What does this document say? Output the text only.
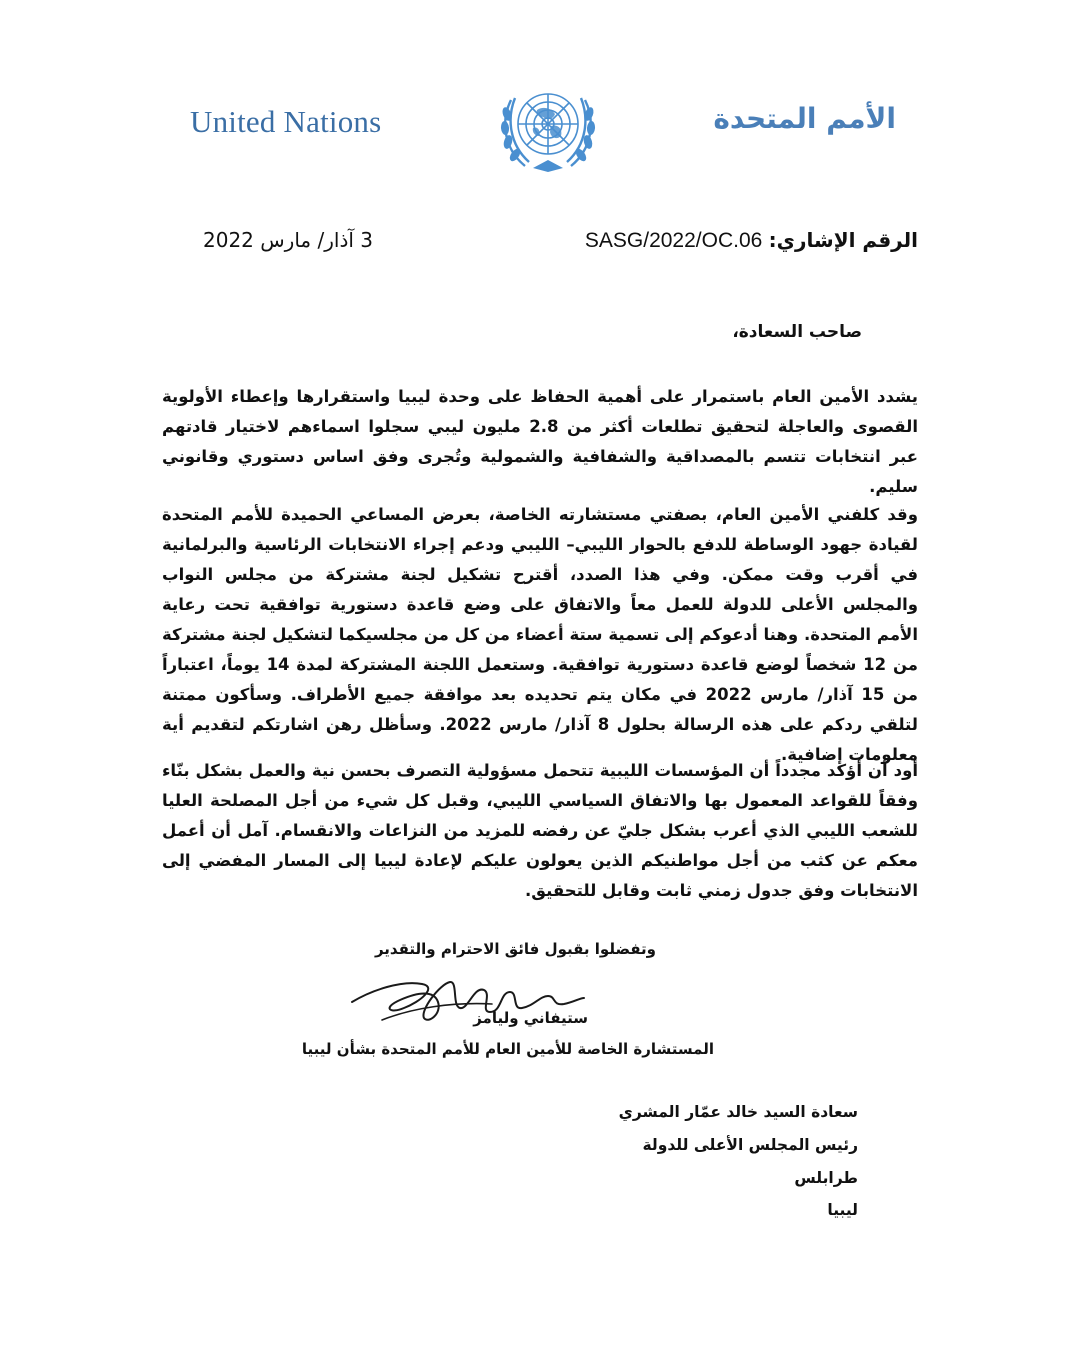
United Nations	الأمم المتحدة
الرقم الإشاري: SASG/2022/OC.06
3 آذار/ مارس 2022
صاحب السعادة،
يشدد الأمين العام باستمرار على أهمية الحفاظ على وحدة ليبيا واستقرارها وإعطاء الأولوية القصوى والعاجلة لتحقيق تطلعات أكثر من 2.8 مليون ليبي سجلوا اسماءهم لاختيار قادتهم عبر انتخابات تتسم بالمصداقية والشفافية والشمولية وتُجرى وفق اساس دستوري وقانوني سليم.
وقد كلفني الأمين العام، بصفتي مستشارته الخاصة، بعرض المساعي الحميدة للأمم المتحدة لقيادة جهود الوساطة للدفع بالحوار الليبي– الليبي ودعم إجراء الانتخابات الرئاسية والبرلمانية في أقرب وقت ممكن. وفي هذا الصدد، أقترح تشكيل لجنة مشتركة من مجلس النواب والمجلس الأعلى للدولة للعمل معاً والاتفاق على وضع قاعدة دستورية توافقية تحت رعاية الأمم المتحدة. وهنا أدعوكم إلى تسمية ستة أعضاء من كل من مجلسيكما لتشكيل لجنة مشتركة من 12 شخصاً لوضع قاعدة دستورية توافقية. وستعمل اللجنة المشتركة لمدة 14 يوماً، اعتباراً من 15 آذار/ مارس 2022 في مكان يتم تحديده بعد موافقة جميع الأطراف. وسأكون ممتنة لتلقي ردكم على هذه الرسالة بحلول 8 آذار/ مارس 2022. وسأظل رهن اشارتكم لتقديم أية معلومات إضافية.
أود أن أؤكد مجدداً أن المؤسسات الليبية تتحمل مسؤولية التصرف بحسن نية والعمل بشكل بنّاء وفقاً للقواعد المعمول بها والاتفاق السياسي الليبي، وقبل كل شيء من أجل المصلحة العليا للشعب الليبي الذي أعرب بشكل جليّ عن رفضه للمزيد من النزاعات والانقسام. آمل أن أعمل معكم عن كثب من أجل مواطنيكم الذين يعولون عليكم لإعادة ليبيا إلى المسار المفضي إلى الانتخابات وفق جدول زمني ثابت وقابل للتحقيق.
وتفضلوا بقبول فائق الاحترام والتقدير
ستيفاني وليامز
المستشارة الخاصة للأمين العام للأمم المتحدة بشأن ليبيا
سعادة السيد خالد عمّار المشري
رئيس المجلس الأعلى للدولة
طرابلس
ليبيا
